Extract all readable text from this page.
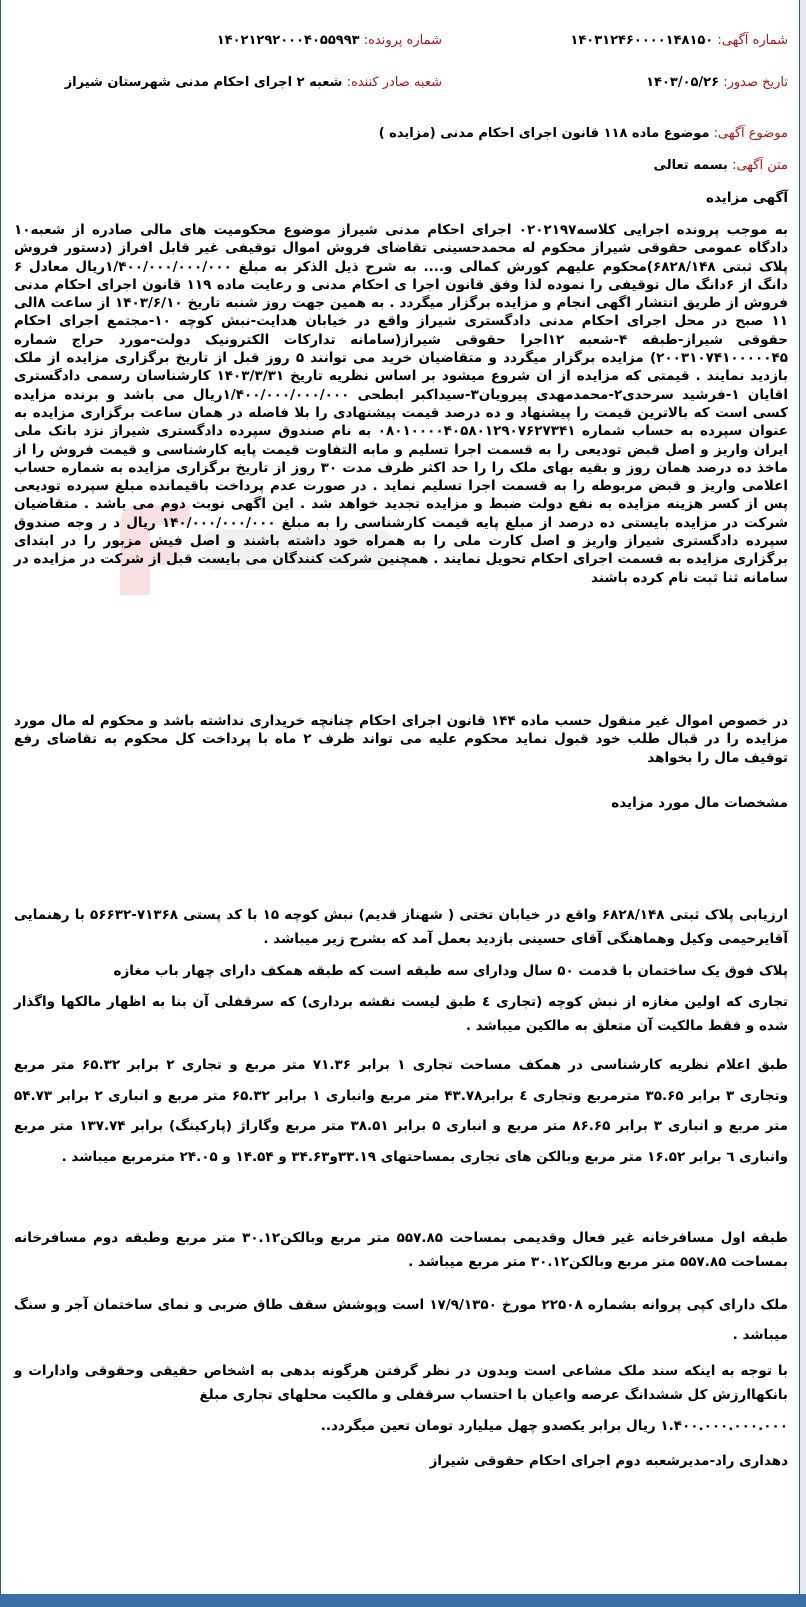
شماره آگهی: ۱۴۰۳۱۲۴۶۰۰۰۰۱۴۸۱۵۰
شماره پرونده: ۱۴۰۲۱۲۹۲۰۰۰۴۰۵۵۹۹۳
تاریخ صدور: ۱۴۰۳/۰۵/۲۶
شعبه صادر کننده: شعبه ۲ اجرای احکام مدنی شهرستان شیراز
موضوع آگهی: موضوع ماده ۱۱۸ قانون اجرای احکام مدنی (مزایده )
متن آگهی: بسمه تعالی
آگهی مزایده
به موجب پرونده اجرایی کلاسه۰۲۰۲۱۹۷ اجرای احکام مدنی شیراز موضوع محکومیت های مالی صادره از شعبه۱۰ دادگاه عمومی حقوقی شیراز محکوم له محمدحسینی تقاضای فروش اموال توقیفی غیر قابل افراز (دستور فروش پلاک ثبتی ۶۸۲۸/۱۴۸)محکوم علیهم کورش کمالی و.... به شرح ذیل الذکر به مبلغ ۱/۴۰۰/۰۰۰/۰۰۰/۰۰۰ریال معادل ۶ دانگ از ۶دانگ مال توقیفی را نموده لذا وفق قانون اجرا ی احکام مدنی و رعایت ماده ۱۱۹ قانون اجرای احکام مدنی فروش از طریق انتشار اگهی انجام و مزایده برگزار میگردد . به همین جهت روز شنبه تاریخ ۱۴۰۳/۶/۱۰ از ساعت ۸الی ۱۱ صبح در محل اجرای احکام مدنی دادگستری شیراز واقع در خیابان هدایت-نبش کوچه ۱۰-مجتمع اجرای احکام حقوقی شیراز-طبقه ۴-شعبه ۱۲اجرا حقوقی شیراز(سامانه تدارکات الکترونیک دولت-مورد حراج شماره ۲۰۰۳۱۰۷۴۱۰۰۰۰۰۴۵) مزایده برگزار میگردد و متقاضیان خرید می توانند ۵ روز قبل از تاریخ برگزاری مزایده از ملک بازدید نمایند . قیمتی که مزایده از ان شروع میشود بر اساس نظریه تاریخ ۱۴۰۳/۳/۳۱ کارشناسان رسمی دادگستری اقایان ۱-فرشید سرحدی۲-محمدمهدی پیرویان۳-سیداکبر ابطحی ۱/۴۰۰/۰۰۰/۰۰۰/۰۰۰ریال می باشد و برنده مزایده کسی است که بالاترین قیمت را پیشنهاد و ده درصد قیمت پیشنهادی را بلا فاصله در همان ساعت برگزاری مزایده به عنوان سپرده به حساب شماره ۰۸۰۱۰۰۰۰۴۰۵۸۰۱۲۹۰۷۶۲۷۳۴۱ به نام صندوق سپرده دادگستری شیراز نزد بانک ملی ایران واریز و اصل قبض تودیعی را به قسمت اجرا تسلیم و مابه التفاوت قیمت پایه کارشناسی و قیمت فروش را از ماخذ ده درصد همان روز و بقیه بهای ملک را را حد اکثر ظرف مدت ۳۰ روز از تاریخ برگزاری مزایده به شماره حساب اعلامی واریز و قبض مربوطه را به قسمت اجرا تسلیم نماید . در صورت عدم پرداخت باقیمانده مبلغ سپرده تودیعی پس از کسر هزینه مزایده به نفع دولت ضبط و مزایده تجدید خواهد شد . این اگهی نوبت دوم می باشد . متقاضیان شرکت در مزایده بایستی ده درصد از مبلغ پایه قیمت کارشناسی را به مبلغ ۱۴۰/۰۰۰/۰۰۰/۰۰۰ ریال د ر وجه صندوق سپرده دادگستری شیراز واریز و اصل کارت ملی را به همراه خود داشته باشند و اصل فیش مزبور را در ابتدای برگزاری مزایده به قسمت اجرای احکام تحویل نمایند . همچنین شرکت کنندگان می بایست قبل از شرکت در مزایده در سامانه ثنا ثبت نام کرده باشند
در خصوص اموال غیر منقول حسب ماده ۱۴۴ قانون اجرای احکام چنانچه خریداری نداشته باشد و محکوم له مال مورد مزایده را در قبال طلب خود قبول نماید محکوم علیه می تواند ظرف ۲ ماه با پرداخت کل محکوم به تقاضای رفع توقیف مال را بخواهد
مشخصات مال مورد مزایده
ارزیابی پلاک ثبتی ۶۸۲۸/۱۴۸ واقع در خیابان تختی ( شهناز قدیم) نبش کوچه ۱۵ با کد پستی ۷۱۳۶۸-۵۶۶۳۲ با رهنمایی آقایرحیمی وکیل وهماهنگی آقای حسینی بازدید بعمل آمد که بشرح زیر میباشد .
پلاک فوق یک ساختمان با قدمت ۵۰ سال ودارای سه طبقه است که طبقه همکف دارای چهار باب مغازه
تجاری که اولین مغازه از نبش کوچه (تجاری ٤ طبق لیست نقشه برداری) که سرقفلی آن بنا به اظهار مالکها واگذار شده و فقط مالکیت آن متعلق به مالکین میباشد .
طبق اعلام نظریه کارشناسی در همکف مساحت تجاری ۱ برابر ۷۱.۳۶ متر مربع و تجاری ۲ برابر ۶۵.۳۲ متر مربع وتجاری ۳ برابر ۳۵.۶۵ مترمربع وتجاری ٤ برابر۴۳.۷۸ متر مربع وانباری ۱ برابر ۶۵.۳۲ متر مربع و انباری ۲ برابر ۵۴.۷۳ متر مربع و انباری ۳ برابر ۸۶.۶۵ متر مربع و انباری ۵ برابر ۳۸.۵۱ متر مربع وگاراژ (پارکینگ) برابر ۱۳۷.۷۴ متر مربع وانباری ٦ برابر ۱۶.۵۲ متر مربع وبالکن های تجاری بمساحتهای ۳۳.۱۹و۳۴.۶۳ و ۱۴.۵۴ و ۲۴.۰۵ مترمربع میباشد .
طبقه اول مسافرخانه غیر فعال وقدیمی بمساحت ۵۵۷.۸۵ متر مربع وبالکن۳۰.۱۲ متر مربع وطبقه دوم مسافرخانه بمساحت ۵۵۷.۸۵ متر مربع وبالکن۳۰.۱۲ متر مربع میباشد .
ملک دارای کپی پروانه بشماره ۲۲۵۰۸ مورخ ۱۷/۹/۱۳۵۰ است وپوشش سقف طاق ضربی و نمای ساختمان آجر و سنگ میباشد .
با توجه به اینکه سند ملک مشاعی است وبدون در نظر گرفتن هرگونه بدهی به اشخاص حقیقی وحقوقی وادارات و بانکهاارزش کل ششدانگ عرصه واعیان با احتساب سرقفلی و مالکیت محلهای تجاری مبلغ
۱.۴۰۰.۰۰۰.۰۰۰.۰۰۰ ریال برابر یکصدو چهل میلیارد تومان تعین میگردد..
دهداری راد-مدیرشعبه دوم اجرای احکام حقوقی شیراز
